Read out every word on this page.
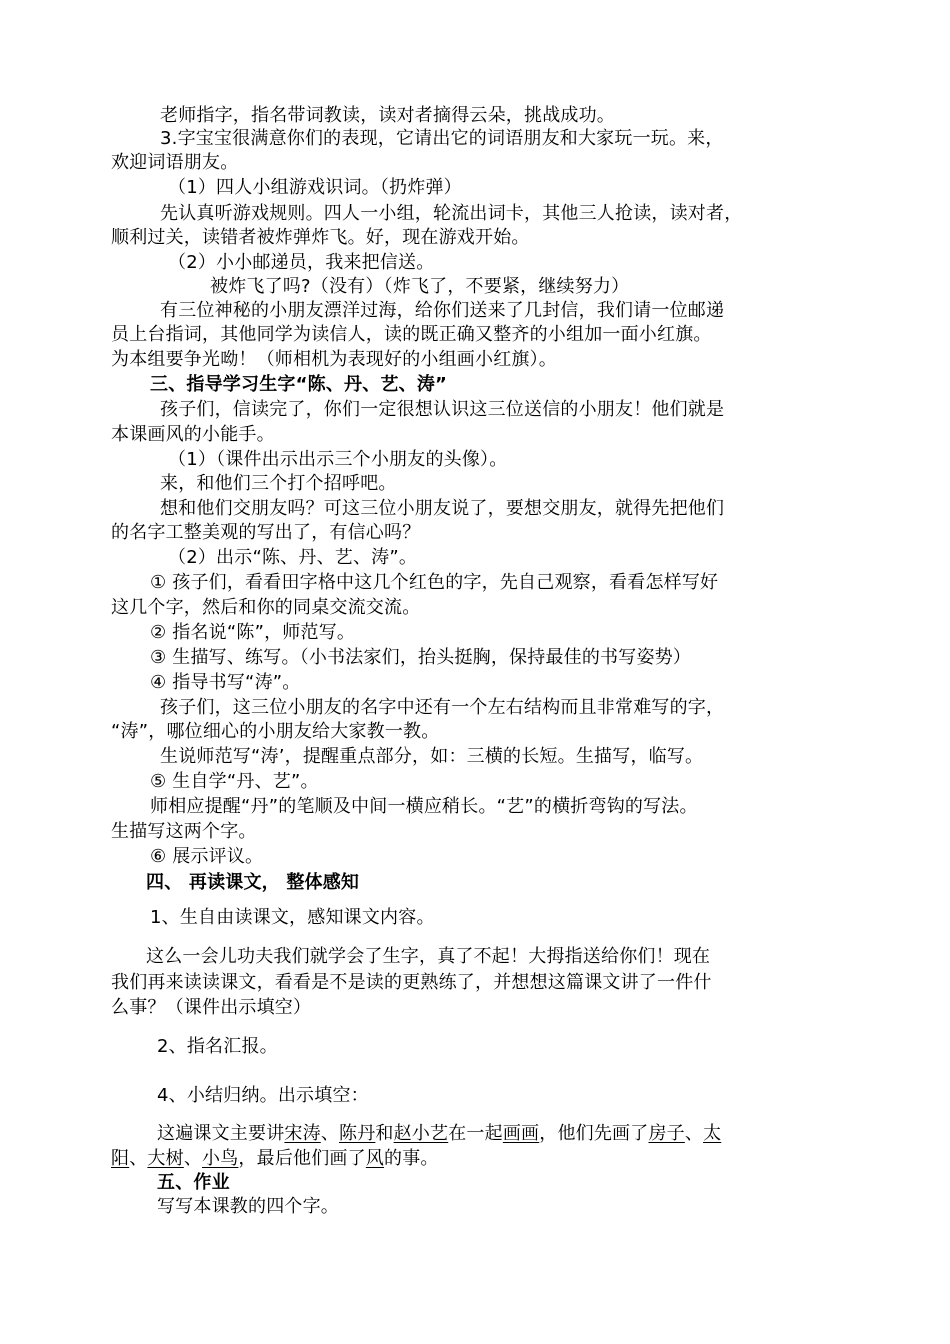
老师指字，指名带词教读，读对者摘得云朵，挑战成功。
3.字宝宝很满意你们的表现，它请出它的词语朋友和大家玩一玩。来，
欢迎词语朋友。
（1）四人小组游戏识词。（扔炸弹）
先认真听游戏规则。四人一小组，轮流出词卡，其他三人抢读，读对者，
顺利过关，读错者被炸弹炸飞。好，现在游戏开始。
（2）小小邮递员，我来把信送。
被炸飞了吗?（没有）（炸飞了，不要紧，继续努力）
有三位神秘的小朋友漂洋过海，给你们送来了几封信，我们请一位邮递
员上台指词，其他同学为读信人，读的既正确又整齐的小组加一面小红旗。
为本组要争光呦！（师相机为表现好的小组画小红旗）。
三、指导学习生字“陈、丹、艺、涛”
孩子们，信读完了，你们一定很想认识这三位送信的小朋友！他们就是
本课画风的小能手。
（1）（课件出示出示三个小朋友的头像）。
来，和他们三个打个招呼吧。
想和他们交朋友吗？可这三位小朋友说了，要想交朋友，就得先把他们
的名字工整美观的写出了，有信心吗？
（2）出示“陈、丹、艺、涛”。
① 孩子们，看看田字格中这几个红色的字，先自己观察，看看怎样写好
这几个字，然后和你的同桌交流交流。
② 指名说“陈”，师范写。
③ 生描写、练写。（小书法家们，抬头挺胸，保持最佳的书写姿势）
④ 指导书写“涛”。
孩子们，这三位小朋友的名字中还有一个左右结构而且非常难写的字，
“涛”，哪位细心的小朋友给大家教一教。
生说师范写“涛’，提醒重点部分，如：三横的长短。生描写，临写。
⑤ 生自学“丹、艺”。
师相应提醒“丹”的笔顺及中间一横应稍长。“艺”的横折弯钩的写法。
生描写这两个字。
⑥ 展示评议。
四、 再读课文， 整体感知
1、生自由读课文，感知课文内容。
这么一会儿功夫我们就学会了生字，真了不起！大拇指送给你们！现在
我们再来读读课文，看看是不是读的更熟练了，并想想这篇课文讲了一件什
么事？（课件出示填空）
2、指名汇报。
4、小结归纳。出示填空：
这遍课文主要讲宋涛、陈丹和赵小艺在一起画画，他们先画了房子、太
阳、大树、小鸟，最后他们画了风的事。
五、作业
写写本课教的四个字。
